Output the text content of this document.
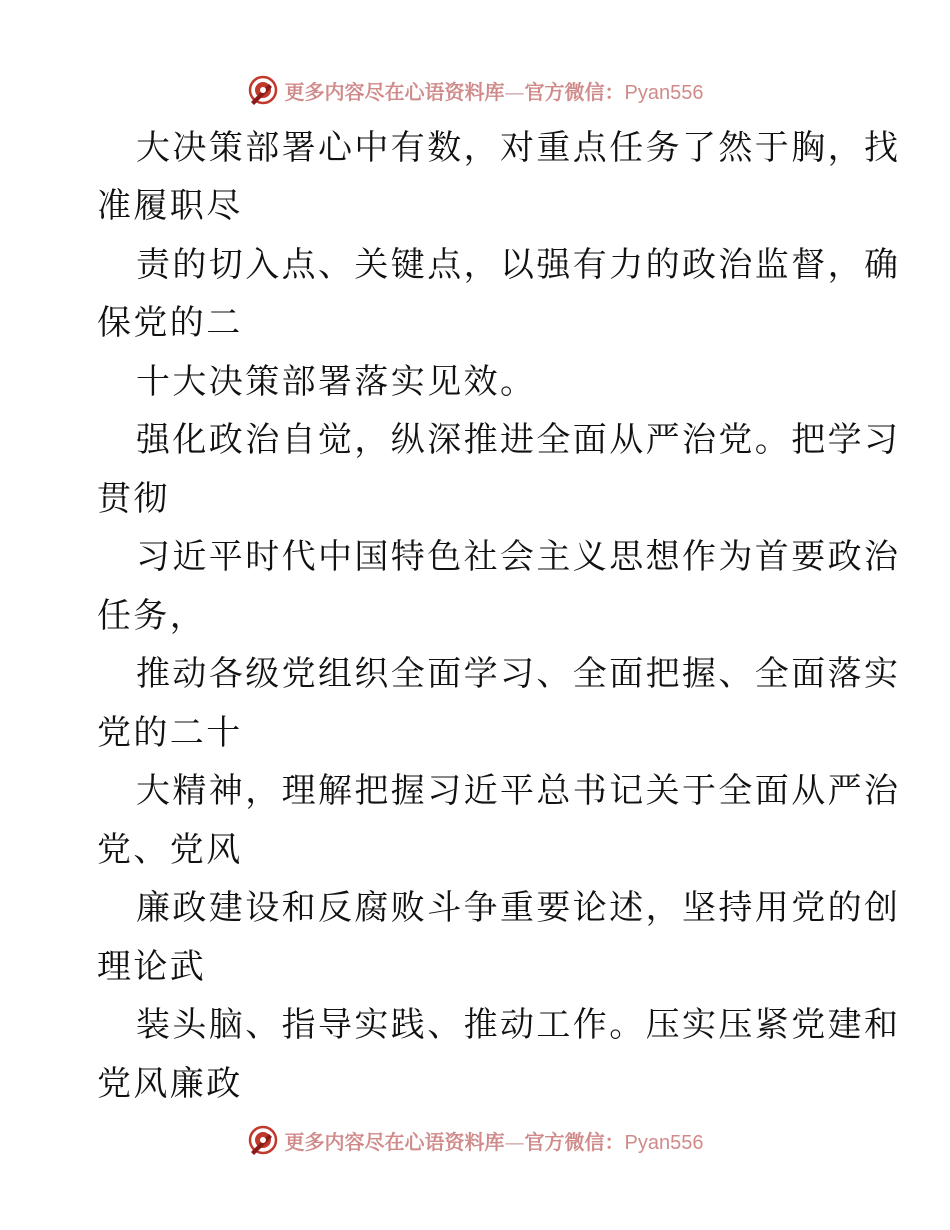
更多内容尽在心语资料库—官方微信：Pyan556
大决策部署心中有数，对重点任务了然于胸，找
准履职尽
责的切入点、关键点，以强有力的政治监督，确
保党的二
十大决策部署落实见效。
强化政治自觉，纵深推进全面从严治党。把学习
贯彻
习近平时代中国特色社会主义思想作为首要政治
任务，
推动各级党组织全面学习、全面把握、全面落实
党的二十
大精神，理解把握习近平总书记关于全面从严治
党、党风
廉政建设和反腐败斗争重要论述，坚持用党的创
理论武
装头脑、指导实践、推动工作。压实压紧党建和
党风廉政
更多内容尽在心语资料库—官方微信：Pyan556
